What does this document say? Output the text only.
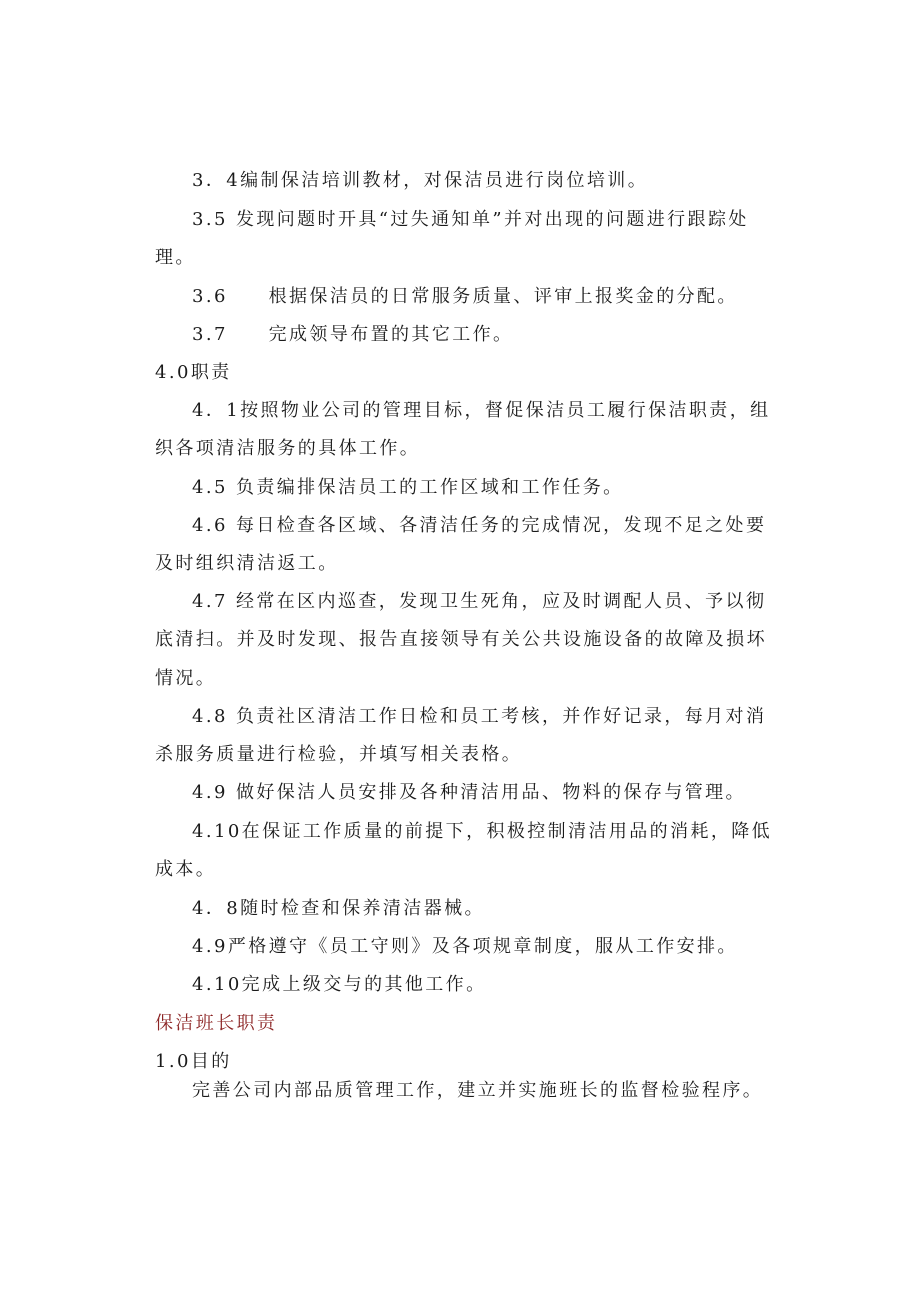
3．4编制保洁培训教材，对保洁员进行岗位培训。
3.5 发现问题时开具“过失通知单”并对出现的问题进行跟踪处
理。
3.6　　根据保洁员的日常服务质量、评审上报奖金的分配。
3.7　　完成领导布置的其它工作。
4.0职责
4．1按照物业公司的管理目标，督促保洁员工履行保洁职责，组
织各项清洁服务的具体工作。
4.5 负责编排保洁员工的工作区域和工作任务。
4.6 每日检查各区域、各清洁任务的完成情况，发现不足之处要
及时组织清洁返工。
4.7 经常在区内巡查，发现卫生死角，应及时调配人员、予以彻
底清扫。并及时发现、报告直接领导有关公共设施设备的故障及损坏
情况。
4.8 负责社区清洁工作日检和员工考核，并作好记录，每月对消
杀服务质量进行检验，并填写相关表格。
4.9 做好保洁人员安排及各种清洁用品、物料的保存与管理。
4.10在保证工作质量的前提下，积极控制清洁用品的消耗，降低
成本。
4．8随时检查和保养清洁器械。
4.9严格遵守《员工守则》及各项规章制度，服从工作安排。
4.10完成上级交与的其他工作。
保洁班长职责
1.0目的
完善公司内部品质管理工作，建立并实施班长的监督检验程序。
